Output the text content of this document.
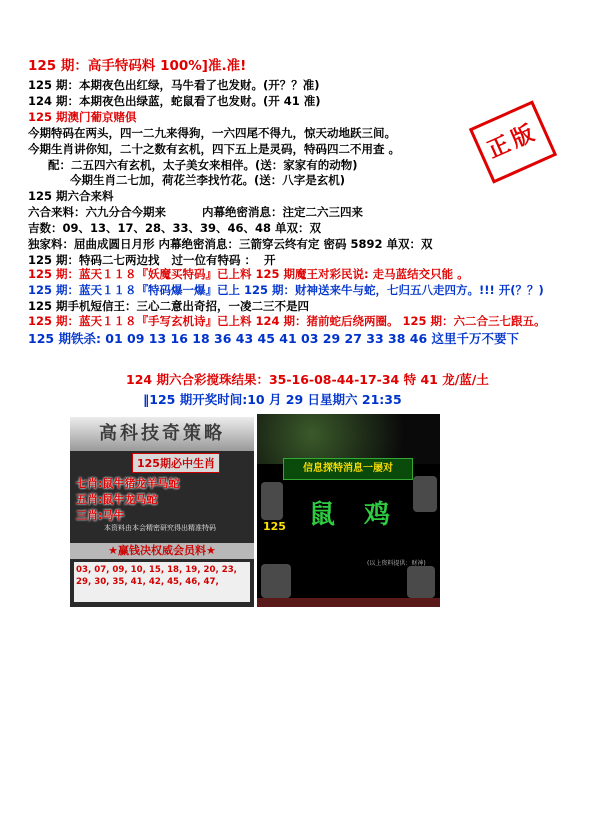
125 期：高手特码料 100%]准.准!
125 期：本期夜色出红绿，马牛看了也发财。(开？？准)
124 期：本期夜色出绿蓝，蛇鼠看了也发财。(开 41 准)
125 期澳门葡京赌俱
今期特码在两头，四一二九来得狗，一六四尾不得九，惊天动地跃三间。
今期生肖讲你知，二十之数有玄机，四下五上是灵码，特码四二不用查 。
配：二五四六有玄机，太子美女来相伴。(送：家家有的动物)
今期生肖二七加，荷花兰李找竹花。(送：八字是玄机)
125 期六合来料
六合来料：六九分合今期来         内幕绝密消息：注定二六三四来
吉数：09、13、17、28、33、39、46、48 单双：双
独家料：屈曲成圆日月形 内幕绝密消息：三箭穿云终有定 密码 5892 单双：双
125 期：特码二七两边找   过一位有特码 ：  开
125 期：蓝天１１８『妖魔买特码』已上料 125 期魔王对彩民说: 走马蓝结交只能 。
125 期：蓝天１１８『特码爆一爆』已上 125 期：财神送来牛与蛇，七归五八走四方。!!! 开(？？)
125 期手机短信王：三心二意出奇招，一凌二三不是四
125 期：蓝天１１８『手写玄机诗』已上料 124 期：猪前蛇后绕两圈。 125 期：六二合三七跟五。
125 期铁杀: 01 09 13 16 18 36 43 45 41 03 29 27 33 38 46 这里千万不要下
124 期六合彩搅珠结果：35-16-08-44-17-34 特 41 龙/蓝/土
‖125 期开奖时间:10 月 29 日星期六 21:35
正版
高科技奇策略
125期必中生肖
七肖:鼠牛猪龙羊马蛇
五肖:鼠牛龙马蛇
三肖:马牛
本资料由本会精密研究得出精准特码
★赢钱决权威会员料★
03, 07, 09, 10, 15, 18, 19, 20, 23, 29, 30, 35, 41, 42, 45, 46, 47,
信息探特消息一屡对
125 鼠 鸡
(以上资料提供：财神)
